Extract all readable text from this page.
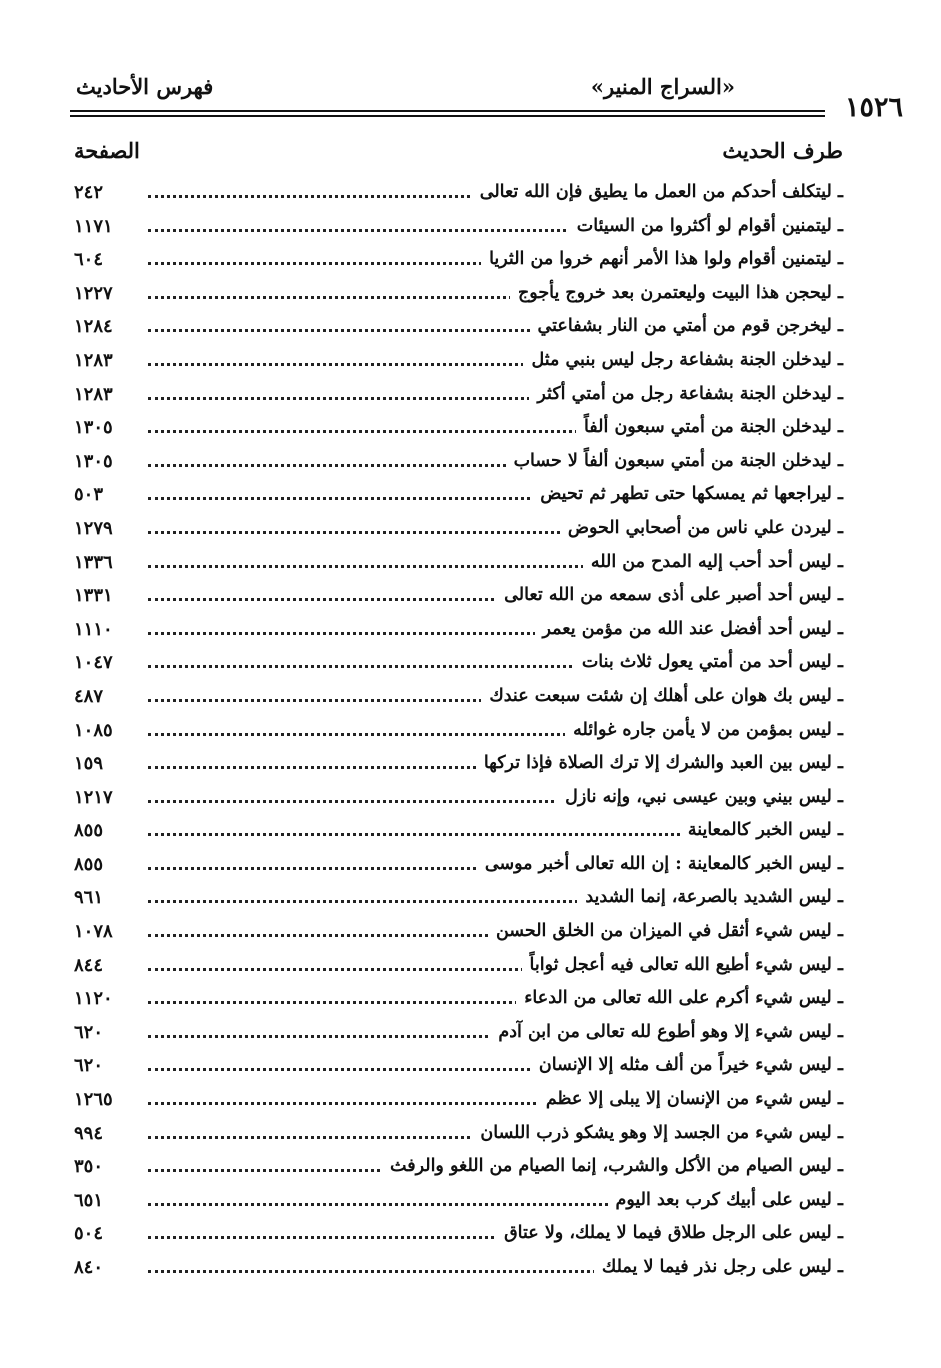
١٥٢٦
«السراج المنير»
فهرس الأحاديث
طرف الحديث
الصفحة
ـ ليتكلف أحدكم من العمل ما يطيق فإن الله تعالى
٢٤٢
ـ ليتمنين أقوام لو أكثروا من السيئات
١١٧١
ـ ليتمنين أقوام ولوا هذا الأمر أنهم خروا من الثريا
٦٠٤
ـ ليحجن هذا البيت وليعتمرن بعد خروج يأجوج
١٢٢٧
ـ ليخرجن قوم من أمتي من النار بشفاعتي
١٢٨٤
ـ ليدخلن الجنة بشفاعة رجل ليس بنبي مثل
١٢٨٣
ـ ليدخلن الجنة بشفاعة رجل من أمتي أكثر
١٢٨٣
ـ ليدخلن الجنة من أمتي سبعون ألفاً
١٣٠٥
ـ ليدخلن الجنة من أمتي سبعون ألفاً لا حساب
١٣٠٥
ـ ليراجعها ثم يمسكها حتى تطهر ثم تحيض
٥٠٣
ـ ليردن علي ناس من أصحابي الحوض
١٢٧٩
ـ ليس أحد أحب إليه المدح من الله
١٣٣٦
ـ ليس أحد أصبر على أذى سمعه من الله تعالى
١٣٣١
ـ ليس أحد أفضل عند الله من مؤمن يعمر
١١١٠
ـ ليس أحد من أمتي يعول ثلاث بنات
١٠٤٧
ـ ليس بك هوان على أهلك إن شئت سبعت عندك
٤٨٧
ـ ليس بمؤمن من لا يأمن جاره غوائله
١٠٨٥
ـ ليس بين العبد والشرك إلا ترك الصلاة فإذا تركها
١٥٩
ـ ليس بيني وبين عيسى نبي، وإنه نازل
١٢١٧
ـ ليس الخبر كالمعاينة
٨٥٥
ـ ليس الخبر كالمعاينة : إن الله تعالى أخبر موسى
٨٥٥
ـ ليس الشديد بالصرعة، إنما الشديد
٩٦١
ـ ليس شيء أثقل في الميزان من الخلق الحسن
١٠٧٨
ـ ليس شيء أطيع الله تعالى فيه أعجل ثواباً
٨٤٤
ـ ليس شيء أكرم على الله تعالى من الدعاء
١١٢٠
ـ ليس شيء إلا وهو أطوع لله تعالى من ابن آدم
٦٢٠
ـ ليس شيء خيراً من ألف مثله إلا الإنسان
٦٢٠
ـ ليس شيء من الإنسان إلا يبلى إلا عظم
١٢٦٥
ـ ليس شيء من الجسد إلا وهو يشكو ذرب اللسان
٩٩٤
ـ ليس الصيام من الأكل والشرب، إنما الصيام من اللغو والرفث
٣٥٠
ـ ليس على أبيك كرب بعد اليوم
٦٥١
ـ ليس على الرجل طلاق فيما لا يملك، ولا عتاق
٥٠٤
ـ ليس على رجل نذر فيما لا يملك
٨٤٠
